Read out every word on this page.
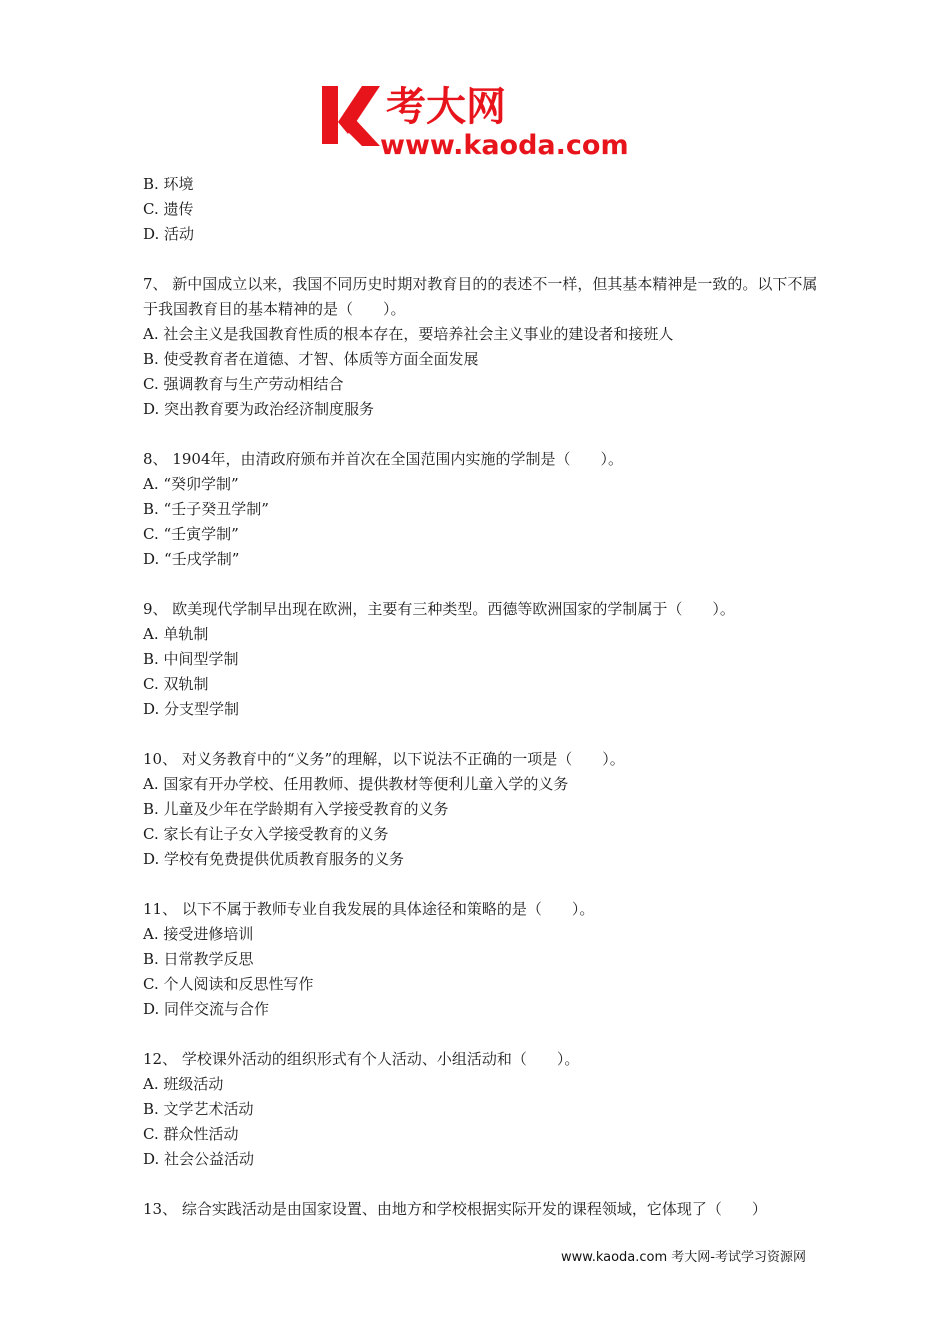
考大网
www.kaoda.com
B. 环境
C. 遗传
D. 活动
7、 新中国成立以来，我国不同历史时期对教育目的的表述不一样，但其基本精神是一致的。以下不属于我国教育目的基本精神的是（　　）。
A. 社会主义是我国教育性质的根本存在，要培养社会主义事业的建设者和接班人
B. 使受教育者在道德、才智、体质等方面全面发展
C. 强调教育与生产劳动相结合
D. 突出教育要为政治经济制度服务
8、 1904年，由清政府颁布并首次在全国范围内实施的学制是（　　）。
A. “癸卯学制”
B. “壬子癸丑学制”
C. “壬寅学制”
D. “壬戌学制”
9、 欧美现代学制早出现在欧洲，主要有三种类型。西德等欧洲国家的学制属于（　　）。
A. 单轨制
B. 中间型学制
C. 双轨制
D. 分支型学制
10、 对义务教育中的“义务”的理解，以下说法不正确的一项是（　　）。
A. 国家有开办学校、任用教师、提供教材等便利儿童入学的义务
B. 儿童及少年在学龄期有入学接受教育的义务
C. 家长有让子女入学接受教育的义务
D. 学校有免费提供优质教育服务的义务
11、 以下不属于教师专业自我发展的具体途径和策略的是（　　）。
A. 接受进修培训
B. 日常教学反思
C. 个人阅读和反思性写作
D. 同伴交流与合作
12、 学校课外活动的组织形式有个人活动、小组活动和（　　）。
A. 班级活动
B. 文学艺术活动
C. 群众性活动
D. 社会公益活动
13、 综合实践活动是由国家设置、由地方和学校根据实际开发的课程领域，它体现了（　　）
www.kaoda.com 考大网-考试学习资源网
